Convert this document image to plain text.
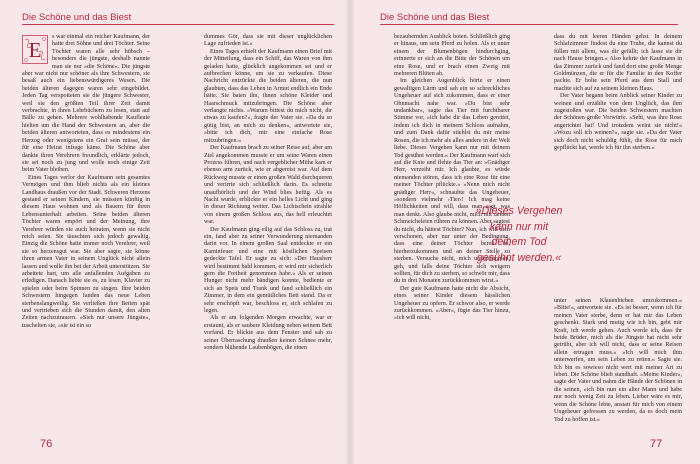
Die Schöne und das Biest
E

s war einmal ein reicher Kaufmann, der hatte drei Söhne und drei Töchter. Seine Töchter waren alle sehr hübsch – besonders die jüngste, deshalb nannte man sie nur »die Schöne«. Die jüngste aber war nicht nur schöner als ihre Schwestern, sie besaß auch ein liebenswürdigeres Wesen. Die beiden älteren dagegen waren sehr eingebildet. Jeden Tag verspotteten sie die jüngere Schwester, weil sie den größten Teil ihrer Zeit damit verbrachte, in ihren Lehrbüchern zu lesen, statt auf Bälle zu gehen. Mehrere wohlhabende Kaufleute hielten um die Hand der Schwestern an, aber die beiden älteren antworteten, dass es mindestens ein Herzog oder wenigstens ein Graf sein müsse, der für eine Heirat infrage käme. Die Schöne aber dankte ihren Verehrern freundlich, erklärte jedoch, sie sei noch zu jung und wolle noch einige Zeit beim Vater bleiben.

Eines Tages verlor der Kaufmann sein gesamtes Vermögen und ihm blieb nichts als ein kleines Landhaus draußen vor der Stadt. Schweren Herzens gestand er seinen Kindern, sie müssten künftig in diesem Haus wohnen und als Bauern für ihren Lebensunterhalt arbeiten. Seine beiden älteren Töchter waren empört und der Meinung, ihre Verehrer würden sie auch heiraten, wenn sie nicht reich seien. Sie täuschten sich jedoch gewaltig. Einzig die Schöne hatte immer noch Verehrer, weil sie so herzensgut war. Sie aber sagte, sie könne ihren armen Vater in seinem Unglück nicht allein lassen und wolle ihn bei der Arbeit unterstützen. Sie arbeitete hart, um alle anfallenden Aufgaben zu erledigen. Danach liebte sie es, zu lesen, Klavier zu spielen oder beim Spinnen zu singen. Ihre beiden Schwestern hingegen fanden das neue Leben sterbenslangweilig. Sie verließen ihre Betten spät und vertrieben sich die Stunden damit, den alten Zeiten nachzutrauern. »Sieh nur unsere Jüngste«, tuschelten sie, »sie ist ein so

dummes Gör, dass sie mit dieser unglücklichen Lage zufrieden ist.«

Eines Tages erhielt der Kaufmann einen Brief mit der Mitteilung, dass ein Schiff, das Waren von ihm geladen hatte, glücklich angekommen sei und er aufbrechen könne, um sie zu verkaufen. Diese Nachricht entzückte die beiden älteren, die nun glaubten, dass das Leben in Armut endlich ein Ende hätte. Sie baten ihn, ihnen schöne Kleider und Haarschmuck mitzubringen. Die Schöne aber verlangte nichts. »Warum bittest du mich nicht, dir etwas zu kaufen?«, fragte der Vater sie. »Da du so gütig bist, an mich zu denken«, antwortete sie, »bitte ich dich, mir eine einfache Rose mitzubringen.«

Der Kaufmann brach zu seiner Reise auf, aber am Ziel angekommen musste er um seine Waren einen Prozess führen, und nach vergeblicher Mühe kam er ebenso arm zurück, wie er abgereist war. Auf dem Rückweg musste er einen großen Wald durchqueren und verirrte sich schließlich darin. Es schneite unaufhörlich und der Wind blies heftig. Als es Nacht wurde, erblickte er ein helles Licht und ging in dieser Richtung weiter. Das Lichtschein strahlte von einem großen Schloss aus, das hell erleuchtet war.

Der Kaufmann ging eilig auf das Schloss zu, trat ein, fand aber zu seiner Verwunderung niemanden darin vor. In einem großen Saal entdeckte er ein Kaminfeuer und eine mit köstlichen Speisen gedeckte Tafel. Er sagte zu sich: »Der Hausherr wird bestimmt bald kommen, er wird mir sicherlich gern die Freiheit genommen habe.« Als er seinen Hunger nicht mehr bändigen konnte, bediente er sich an Speis und Trank und fand schließlich ein Zimmer, in dem ein gemütliches Bett stand. Da er sehr erschöpft war, beschloss er, sich schlafen zu legen.

Als er am folgenden Morgen erwachte, war er erstaunt, als er saubere Kleidung neben seinem Bett vorfand. Er blickte aus dem Fenster und sah zu seiner Überraschung draußen keinen Schnee mehr, sondern blühende Laubenbögen, die einen

76
Die Schöne und das Biest

bezaubernden Ausblick boten. Schließlich ging er hinaus, um sein Pferd zu holen. Als er unter einem der Blumenbögen hindurchging, erinnerte er sich an die Bitte der Schönen um eine Rose, und er brach einen Zweig mit mehreren Blüten ab.

Im gleichen Augenblick hörte er einen gewaltigen Lärm und sah ein so schreckliches Ungeheuer auf sich zukommen, dass er einer Ohnmacht nahe war. »Du bist sehr undankbar«, sagte das Tier mit furchtbarer Stimme vor, »ich habe dir das Leben gerettet, indem ich dich in meinem Schloss aufnahm, und zum Dank dafür stiehlst du mir meine Rosen, die ich mehr als alles andere in der Welt liebe. Dieses Vergehen kann nur mit deinem Tod gesühnt werden.« Der Kaufmann warf sich auf die Knie und flehte das Tier an: »Gnädiger Herr, verzeiht mir. Ich glaubte, es würde niemanden stören, dass ich eine Rose für eine meiner Töchter pflückte.« »Nenn mich nicht gnädiger Herr«, schnaubte das Ungeheuer, »sondern vielmehr ›Tier‹! Ich mag keine Höflichkeiten und will, dass man sagt, was man denkt. Also glaube nicht, mich mit deinen Schmeicheleien rühren zu können. Aber sagtest du nicht, du hättest Töchter? Nun, ich will dich verschonen, aber nur unter der Bedingung, dass eine deiner Töchter bereit ist, hierherzukommen und an deiner Stelle zu sterben. Versuche nicht, mich umzustimmen, geh, und falls deine Töchter sich weigern sollten, für dich zu sterben, so schwör mir, dass du in drei Monaten zurückkommen wirst.«

Der gute Kaufmann hatte nicht die Absicht, eines seiner Kinder diesem hässlichen Ungeheuer zu opfern. Er schwor also, er werde zurückkommen. »Aber«, fügte das Tier hinzu, »ich will nicht,

dass du mit leeren Händen gehst. In deinem Schlafzimmer findest du eine Truhe, die kannst du füllen mit allem, was dir gefällt; ich lasse sie dir nach Hause bringen.« Also kehrte der Kaufmann in das Zimmer zurück und fand dort eine große Menge Goldmünzen, die er für die Familie in den Koffer packte. Er holte sein Pferd aus dem Stall und machte sich auf zu seinem kleinen Haus.

Der Vater begann beim Anblick seiner Kinder zu weinen und erzählte von dem Unglück, das ihm zugestoßen war. Die beiden Schwestern machten der Schönen große Vorwürfe. »Seht, was ihre Rose angerichtet hat! Und trotzdem weint sie nicht!« »Wozu soll ich weinen?«, sagte sie. »Da der Vater sich doch nicht schuldig fühlt, die Rose für mich gepflückt hat, werde ich für ihn sterben.«

unter seinen Klauenhieben umzukommen.« »Bitte!«, antwortete sie. »Es ist besser, wenn ich für meinen Vater sterbe, denn er hat mir das Leben geschenkt. Stark und mutig wie ich bin, gebt mir Kraft, ich werde gehen. Auch werde ich, dass ihr beide Brüder, mich als die Jüngste hat nicht sehr getrübt, aber ich will nicht, dass er seine Reisen allein ertragen muss.« »Ich will mich ihm unterwerfen, um sein Leben zu retten.« Sagte sie. Ich bin es sowieso nicht wert mit meiner Art zu leben. Die Schöne blieb standhaft. »Meine Kinder«, sagte der Vater und nahm die Hände der Schönen in die seinen, »ich bin nun ein alter Mann und habe nur noch wenig Zeit zu leben. Lieber wäre es mir, wenn die Schöne lebte, anstatt für mich von einem Ungeheuer gefressen zu werden, da es doch mein Tod zu hoffen ist.«

»Dieses Vergehen kann nur mit deinem Tod gesühnt werden.«
77
